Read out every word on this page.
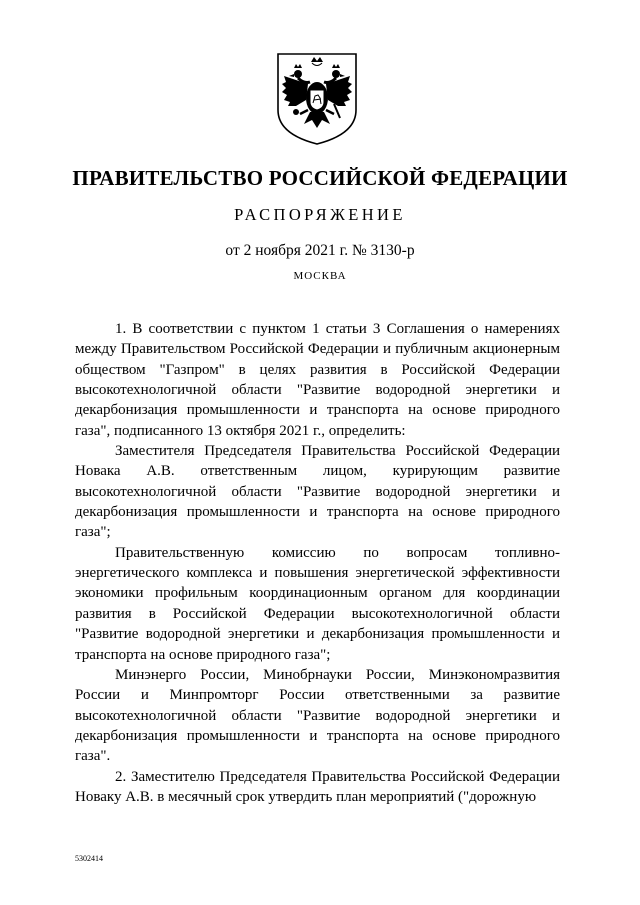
ПРАВИТЕЛЬСТВО РОССИЙСКОЙ ФЕДЕРАЦИИ
РАСПОРЯЖЕНИЕ
от 2 ноября 2021 г. № 3130-р
МОСКВА

1. В соответствии с пунктом 1 статьи 3 Соглашения о намерениях между Правительством Российской Федерации и публичным акционерным обществом "Газпром" в целях развития в Российской Федерации высокотехнологичной области "Развитие водородной энергетики и декарбонизация промышленности и транспорта на основе природного газа", подписанного 13 октября 2021 г., определить:

Заместителя Председателя Правительства Российской Федерации Новака А.В. ответственным лицом, курирующим развитие высокотехнологичной области "Развитие водородной энергетики и декарбонизация промышленности и транспорта на основе природного газа";

Правительственную комиссию по вопросам топливно-энергетического комплекса и повышения энергетической эффективности экономики профильным координационным органом для координации развития в Российской Федерации высокотехнологичной области "Развитие водородной энергетики и декарбонизация промышленности и транспорта на основе природного газа";

Минэнерго России, Минобрнауки России, Минэкономразвития России и Минпромторг России ответственными за развитие высокотехнологичной области "Развитие водородной энергетики и декарбонизация промышленности и транспорта на основе природного газа".

2. Заместителю Председателя Правительства Российской Федерации Новаку А.В. в месячный срок утвердить план мероприятий ("дорожную

5302414
